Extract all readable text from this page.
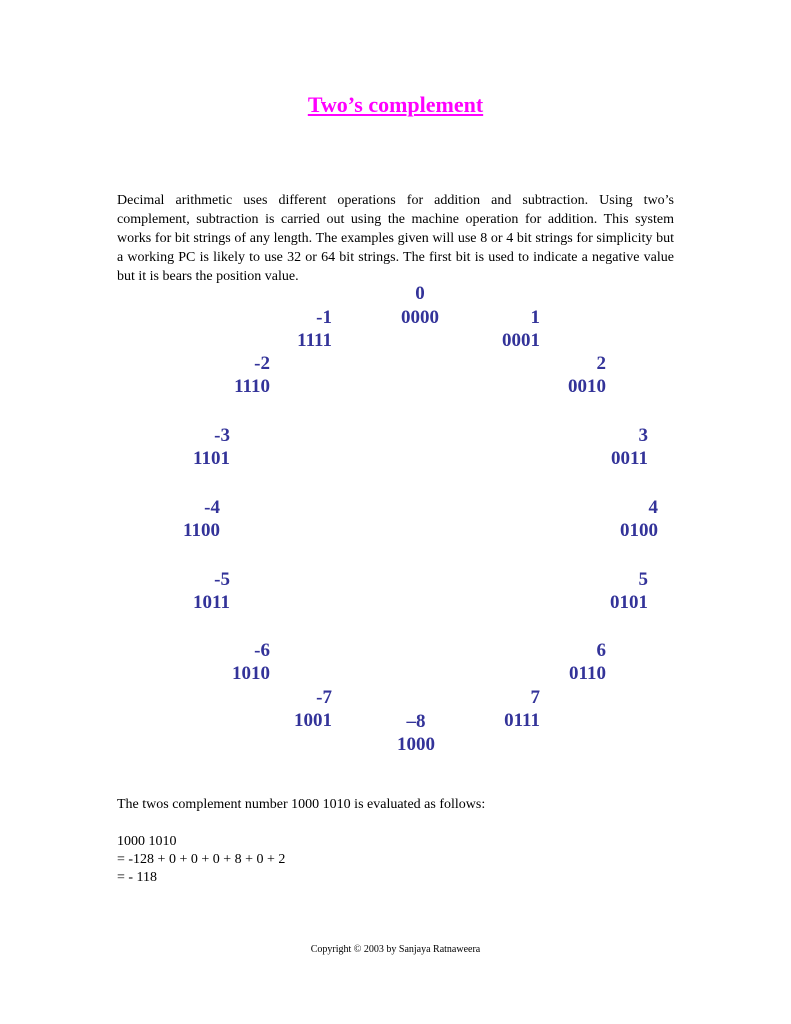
Two’s complement
Decimal arithmetic uses different operations for addition and subtraction. Using two’s complement, subtraction is carried out using the machine operation for addition. This system works for bit strings of any length. The examples given will use 8 or 4 bit strings for simplicity but a working PC is likely to use 32 or 64 bit strings. The first bit is used to indicate a negative value but it is bears the position value.
0
0000	1
0001
2
0010
3
0011
4
0100
5
0101
6
0110
7
0111
–8
1000
-7
1001
-6
1010
-5
1011
-4
1100
-3
1101
-2
1110
-1
1111
The twos complement number 1000 1010 is evaluated as follows:
1000 1010
= -128 + 0 + 0 + 0 + 8 + 0 + 2
= - 118
Copyright © 2003 by Sanjaya Ratnaweera
